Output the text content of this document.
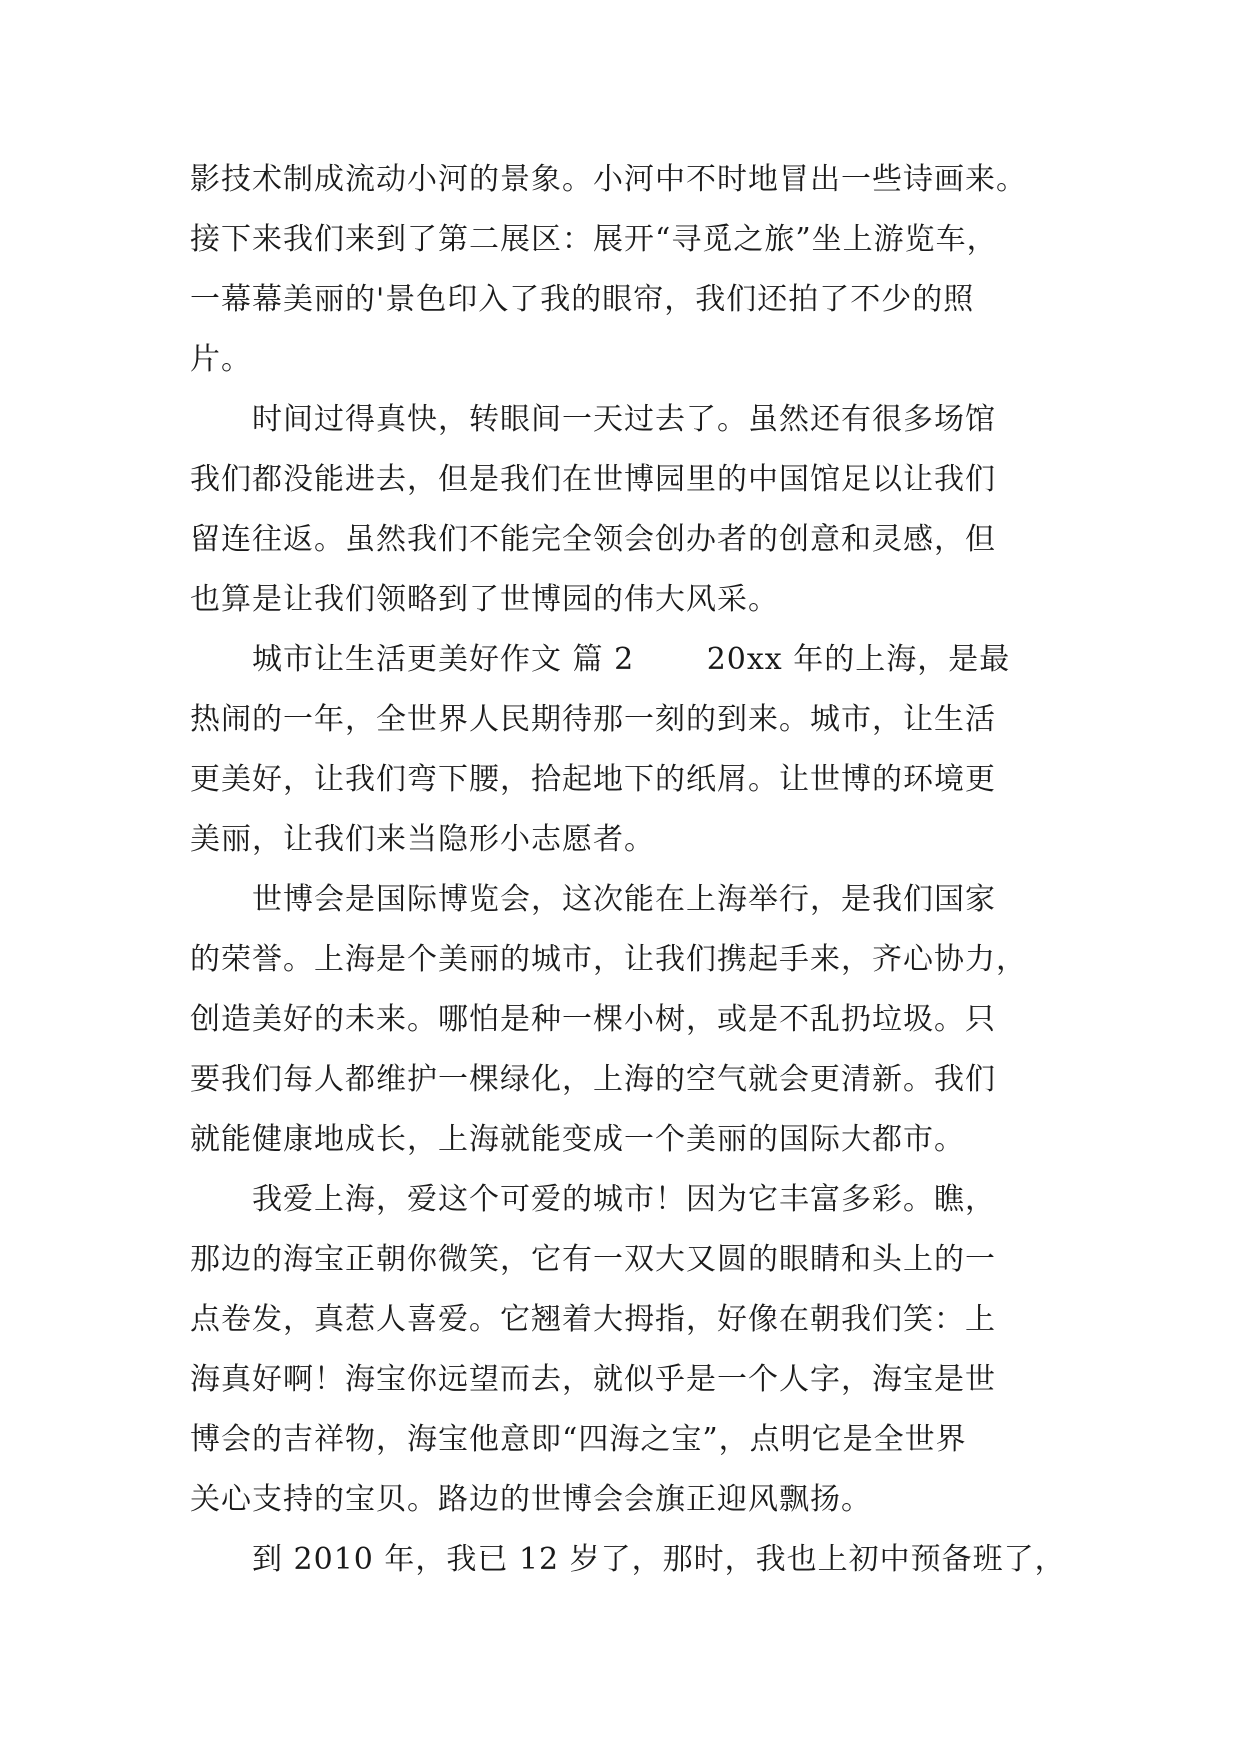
影技术制成流动小河的景象。小河中不时地冒出一些诗画来。
接下来我们来到了第二展区：展开“寻觅之旅”坐上游览车，
一幕幕美丽的'景色印入了我的眼帘，我们还拍了不少的照
片。
　　时间过得真快，转眼间一天过去了。虽然还有很多场馆
我们都没能进去，但是我们在世博园里的中国馆足以让我们
留连往返。虽然我们不能完全领会创办者的创意和灵感，但
也算是让我们领略到了世博园的伟大风采。
　　城市让生活更美好作文 篇 2 　　20xx 年的上海，是最
热闹的一年，全世界人民期待那一刻的到来。城市，让生活
更美好，让我们弯下腰，拾起地下的纸屑。让世博的环境更
美丽，让我们来当隐形小志愿者。
　　世博会是国际博览会，这次能在上海举行，是我们国家
的荣誉。上海是个美丽的城市，让我们携起手来，齐心协力，
创造美好的未来。哪怕是种一棵小树，或是不乱扔垃圾。只
要我们每人都维护一棵绿化，上海的空气就会更清新。我们
就能健康地成长，上海就能变成一个美丽的国际大都市。
　　我爱上海，爱这个可爱的城市！因为它丰富多彩。瞧，
那边的海宝正朝你微笑，它有一双大又圆的眼睛和头上的一
点卷发，真惹人喜爱。它翘着大拇指，好像在朝我们笑：上
海真好啊！海宝你远望而去，就似乎是一个人字，海宝是世
博会的吉祥物，海宝他意即“四海之宝”，点明它是全世界
关心支持的宝贝。路边的世博会会旗正迎风飘扬。
　　到 2010 年，我已 12 岁了，那时，我也上初中预备班了，
